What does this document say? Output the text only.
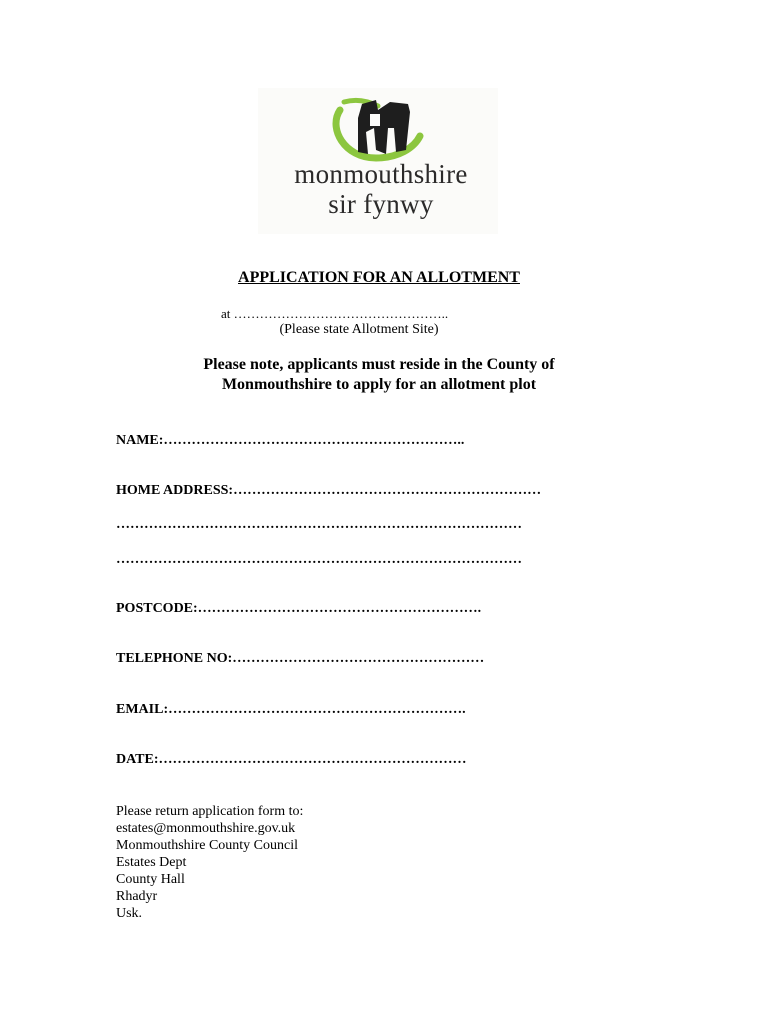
monmouthshire
sir fynwy
APPLICATION FOR AN ALLOTMENT
at …………………………………………..
(Please state Allotment Site)
Please note, applicants must reside in the County of
Monmouthshire to apply for an allotment plot
NAME:………………………………………………………..
HOME ADDRESS:…………………………………………………………
……………………………………………………………………………
……………………………………………………………………………
POSTCODE:…………………………………………………….
TELEPHONE NO:………………………………………………
EMAIL:……………………………………………………….
DATE:…………………………………………………………
Please return application form to:
estates@monmouthshire.gov.uk
Monmouthshire County Council
Estates Dept
County Hall
Rhadyr
Usk.
